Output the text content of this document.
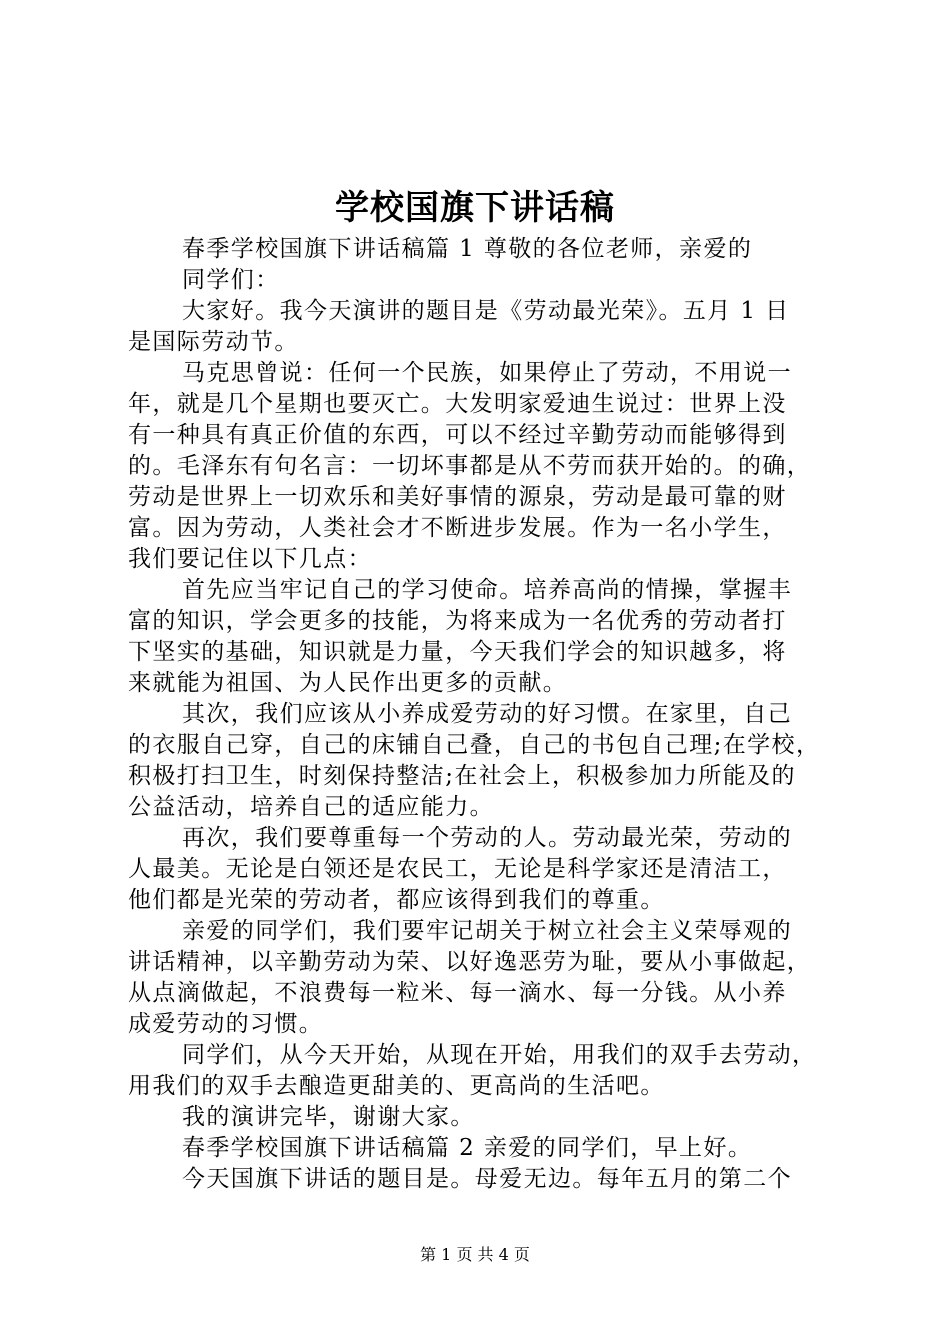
学校国旗下讲话稿
春季学校国旗下讲话稿篇 1 尊敬的各位老师，亲爱的
同学们：
大家好。我今天演讲的题目是《劳动最光荣》。五月 1 日
是国际劳动节。
马克思曾说：任何一个民族，如果停止了劳动，不用说一
年，就是几个星期也要灭亡。大发明家爱迪生说过：世界上没
有一种具有真正价值的东西，可以不经过辛勤劳动而能够得到
的。毛泽东有句名言：一切坏事都是从不劳而获开始的。的确，
劳动是世界上一切欢乐和美好事情的源泉，劳动是最可靠的财
富。因为劳动，人类社会才不断进步发展。作为一名小学生，
我们要记住以下几点：
首先应当牢记自己的学习使命。培养高尚的情操，掌握丰
富的知识，学会更多的技能，为将来成为一名优秀的劳动者打
下坚实的基础，知识就是力量，今天我们学会的知识越多，将
来就能为祖国、为人民作出更多的贡献。
其次，我们应该从小养成爱劳动的好习惯。在家里，自己
的衣服自己穿，自己的床铺自己叠，自己的书包自己理;在学校，
积极打扫卫生，时刻保持整洁;在社会上，积极参加力所能及的
公益活动，培养自己的适应能力。
再次，我们要尊重每一个劳动的人。劳动最光荣，劳动的
人最美。无论是白领还是农民工，无论是科学家还是清洁工，
他们都是光荣的劳动者，都应该得到我们的尊重。
亲爱的同学们，我们要牢记胡关于树立社会主义荣辱观的
讲话精神，以辛勤劳动为荣、以好逸恶劳为耻，要从小事做起，
从点滴做起，不浪费每一粒米、每一滴水、每一分钱。从小养
成爱劳动的习惯。
同学们，从今天开始，从现在开始，用我们的双手去劳动，
用我们的双手去酿造更甜美的、更高尚的生活吧。
我的演讲完毕，谢谢大家。
春季学校国旗下讲话稿篇 2 亲爱的同学们，早上好。
今天国旗下讲话的题目是。母爱无边。每年五月的第二个
第 1 页 共 4 页
